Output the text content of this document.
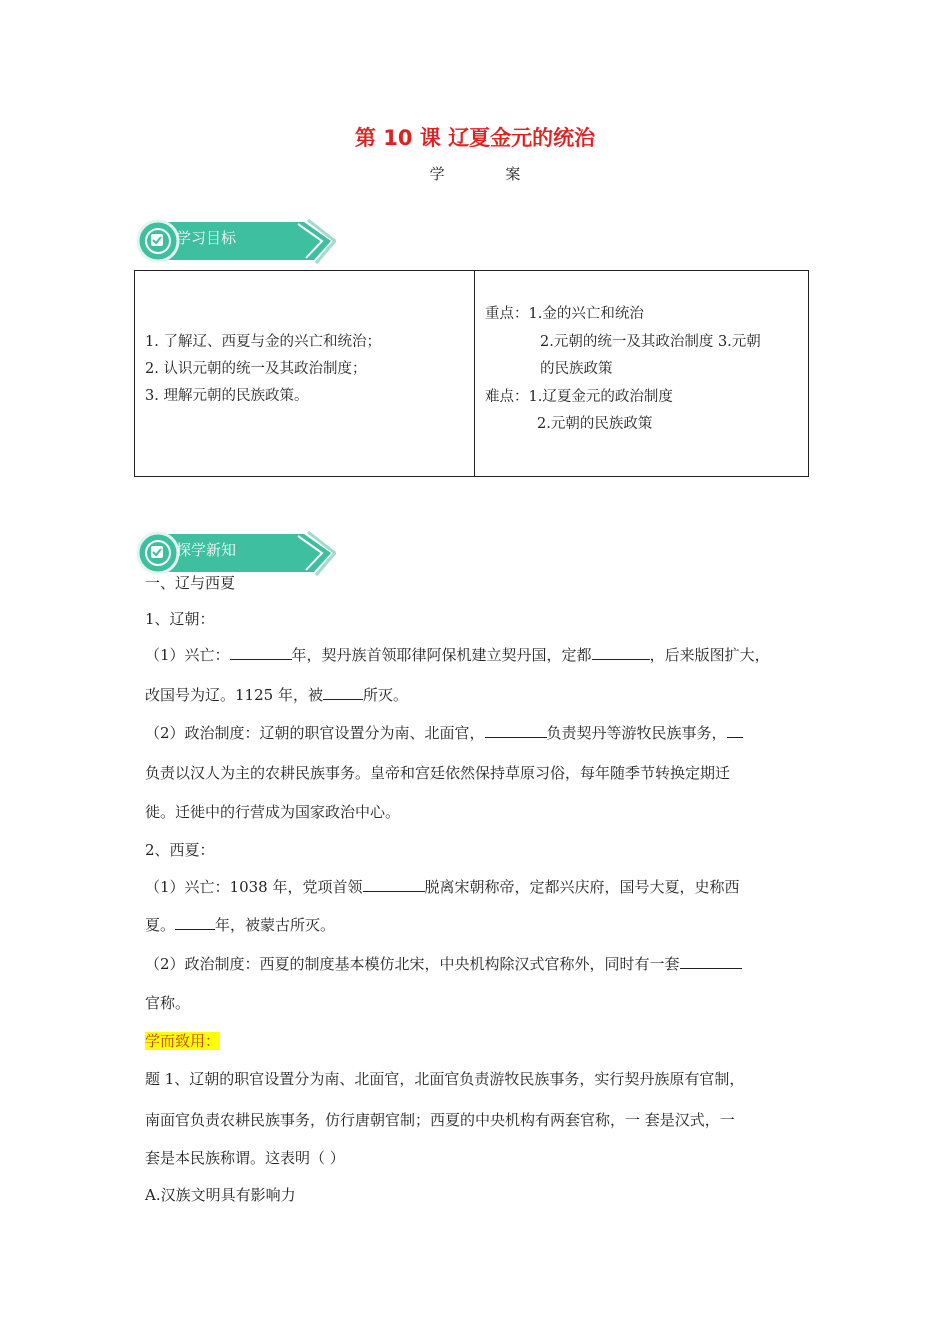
第 10 课 辽夏金元的统治
学 案
学习目标
1. 了解辽、西夏与金的兴亡和统治；
2. 认识元朝的统一及其政治制度；
3. 理解元朝的民族政策。
重点：1.金的兴亡和统治
2.元朝的统一及其政治制度 3.元朝
的民族政策
难点：1.辽夏金元的政治制度
2.元朝的民族政策
探学新知
一、辽与西夏
1、辽朝：
（1）兴亡：	年，契丹族首领耶律阿保机建立契丹国，定都	，后来版图扩大，
改国号为辽。1125 年，被	所灭。
（2）政治制度：辽朝的职官设置分为南、北面官，	负责契丹等游牧民族事务，
负责以汉人为主的农耕民族事务。皇帝和宫廷依然保持草原习俗，每年随季节转换定期迁
徙。迁徙中的行营成为国家政治中心。
2、西夏：
（1）兴亡：1038 年，党项首领	脱离宋朝称帝，定都兴庆府，国号大夏，史称西
夏。	年，被蒙古所灭。
（2）政治制度：西夏的制度基本模仿北宋，中央机构除汉式官称外，同时有一套
官称。
学而致用：
题 1、辽朝的职官设置分为南、北面官，北面官负责游牧民族事务，实行契丹族原有官制，
南面官负责农耕民族事务，仿行唐朝官制；西夏的中央机构有两套官称，一 套是汉式，一
套是本民族称谓。这表明（ ）
A.汉族文明具有影响力
